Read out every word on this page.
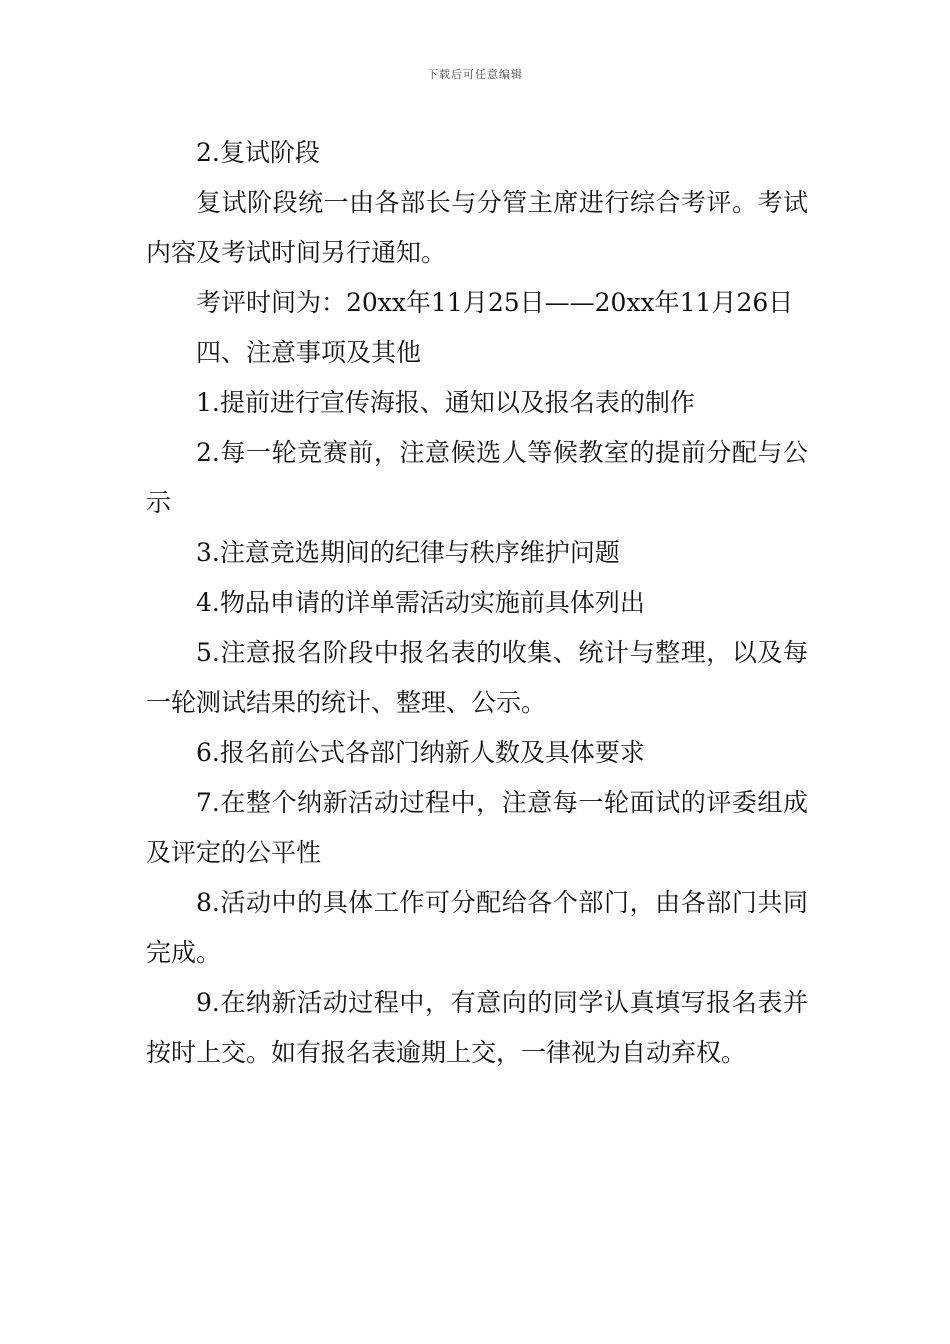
下载后可任意编辑

2.复试阶段

复试阶段统一由各部长与分管主席进行综合考评。考试内容及考试时间另行通知。

考评时间为：20xx年11月25日——20xx年11月26日

四、注意事项及其他

1.提前进行宣传海报、通知以及报名表的制作

2.每一轮竞赛前，注意候选人等候教室的提前分配与公示

3.注意竞选期间的纪律与秩序维护问题

4.物品申请的详单需活动实施前具体列出

5.注意报名阶段中报名表的收集、统计与整理，以及每一轮测试结果的统计、整理、公示。

6.报名前公式各部门纳新人数及具体要求

7.在整个纳新活动过程中，注意每一轮面试的评委组成及评定的公平性

8.活动中的具体工作可分配给各个部门，由各部门共同完成。

9.在纳新活动过程中，有意向的同学认真填写报名表并按时上交。如有报名表逾期上交，一律视为自动弃权。
